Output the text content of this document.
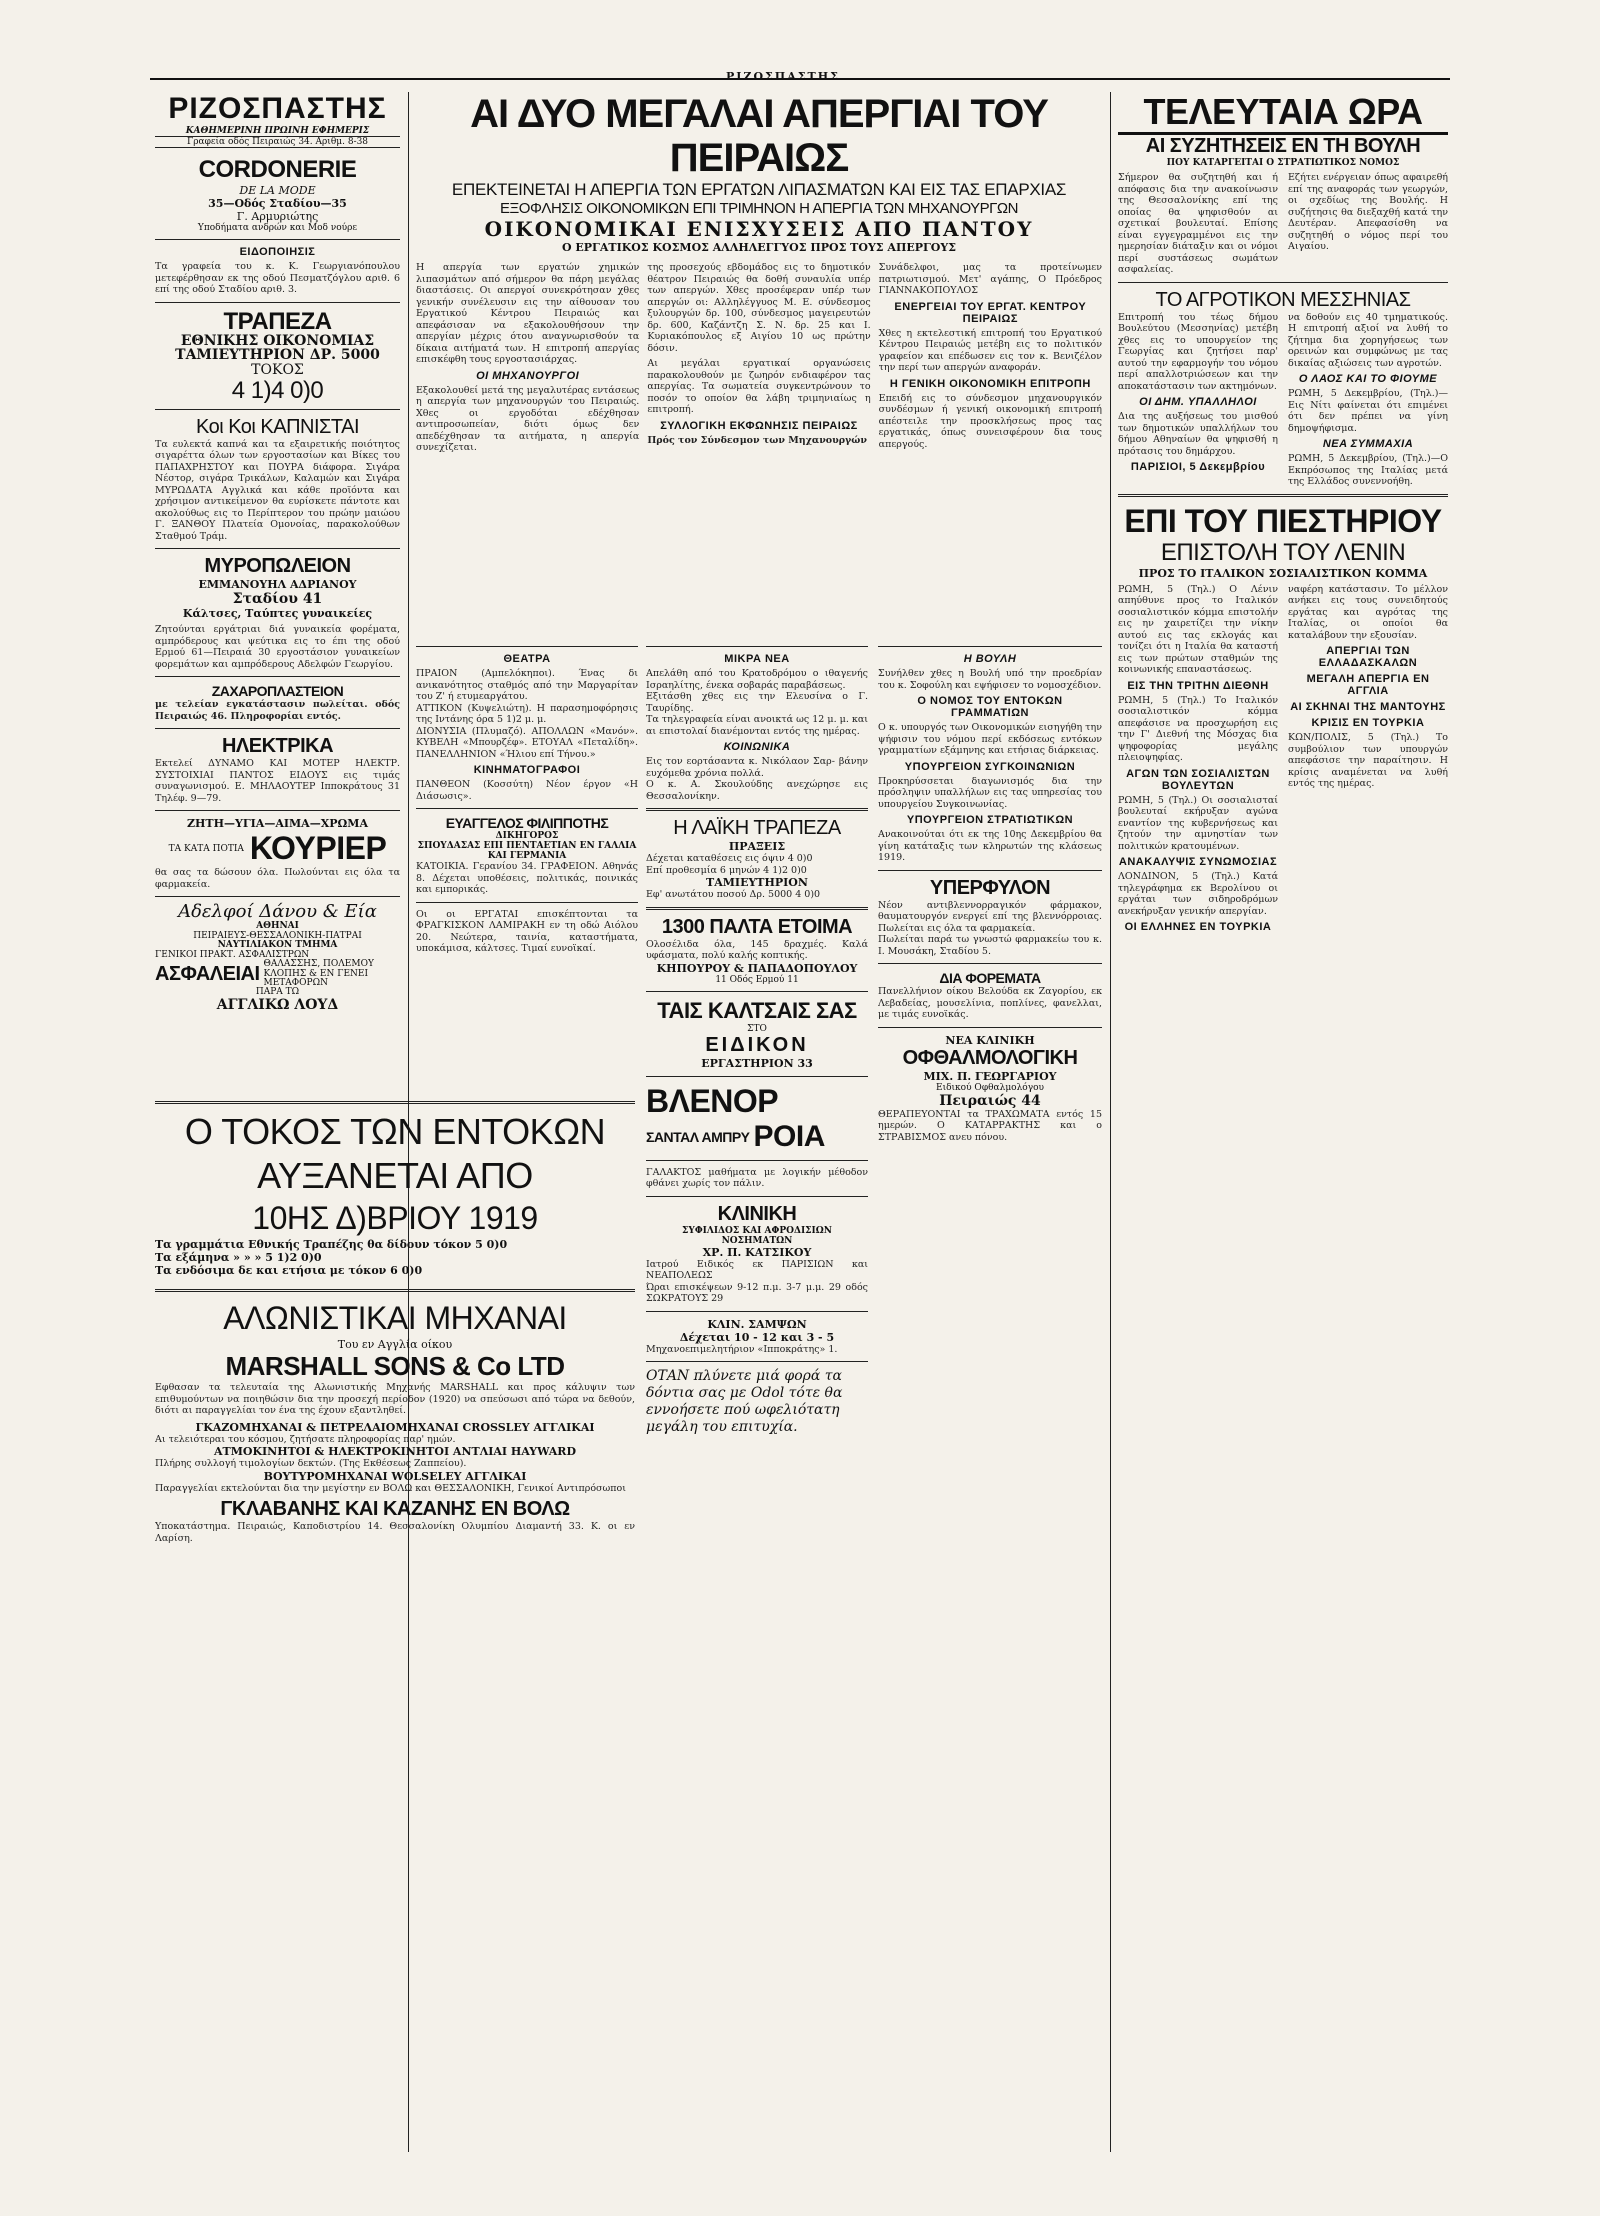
ΡΙΖΟΣΠΑΣΤΗΣ
ΡΙΖΟΣΠΑΣΤΗΣ
ΚΑΘΗΜΕΡΙΝΗ ΠΡΩΙΝΗ ΕΦΗΜΕΡΙΣ
Γραφεία οδός Πειραιώς 34. Αριθμ. 8-38
CORDONERIE
DE LA MODE
35—Οδός Σταδίου—35
Γ. Αρμυριώτης
Υποδήματα ανδρών και Μοδ νούρε
ΕΙΔΟΠΟΙΗΣΙΣ
Τα γραφεία του κ. Κ. Γεωργιανόπουλου μετεφέρθησαν εκ της οδού Πεσματζόγλου αριθ. 6 επί της οδού Σταδίου αριθ. 3.
ΤΡΑΠΕΖΑ
ΕΘΝΙΚΗΣ ΟΙΚΟΝΟΜΙΑΣ
ΤΑΜΙΕΥΤΗΡΙΟΝ ΔΡ. 5000
ΤΟΚΟΣ
4 1)4 0)0
Κοι Κοι ΚΑΠΝΙΣΤΑΙ
Τα ευλεκτά καπνά και τα εξαιρετικής ποιότητος σιγαρέττα όλων των εργοστασίων και Βίκες του ΠΑΠΑΧΡΗΣΤΟΥ και ΠΟΥΡΑ διάφορα. Σιγάρα Νέστορ, σιγάρα Τρικάλων, Καλαμών και Σιγάρα ΜΥΡΩΔΑΤΑ Αγγλικά και κάθε προϊόντα και χρήσιμον αντικείμενον θα ευρίσκετε πάντοτε και ακολούθως εις το Περίπτερον του πρώην μαιώου Γ. ΞΑΝΘΟΥ Πλατεία Ομονοίας, παρακολούθων Σταθμού Τράμ.
ΜΥΡΟΠΩΛΕΙΟΝ
ΕΜΜΑΝΟΥΗΛ ΑΔΡΙΑΝΟΥ
Σταδίου 41
Κάλτσες, Ταύπτες γυναικείες
Ζητούνται εργάτριαι διά γυναικεία φορέματα, αμπρόδερους και ψεύτικα εις το έπι της οδού Ερμού 61—Πειραιά 30 εργοστάσιον γυναικείων φορεμάτων και αμπρόδερους Αδελφών Γεωργίου.
ΖΑΧΑΡΟΠΛΑΣΤΕΙΟΝ
με τελείαν εγκατάστασιν πωλείται. οδός Πειραιώς 46. Πληροφορίαι εντός.
ΗΛΕΚΤΡΙΚΑ
Εκτελεί ΔΥΝΑΜΟ ΚΑΙ ΜΟΤΕΡ ΗΛΕΚΤΡ. ΣΥΣΤΟΙΧΙΑΙ ΠΑΝΤΟΣ ΕΙΔΟΥΣ εις τιμάς συναγωνισμού. Ε. ΜΗΛΑΟΥΤΕΡ Ιπποκράτους 31 Τηλέφ. 9—79.
ΖΗΤΗ—ΥΓΙΑ—ΑΙΜΑ—ΧΡΩΜΑ
ΤΑ ΚΑΤΑ ΠΟΤΙΑ ΚΟΥΡΙΕΡ
θα σας τα δώσουν όλα. Πωλούνται εις όλα τα φαρμακεία.
Αδελφοί Δάνου & Εία
ΑΘΗΝΑΙ
ΠΕΙΡΑΙΕΥΣ-ΘΕΣΣΑΛΟΝΙΚΗ-ΠΑΤΡΑΙ
ΝΑΥΤΙΛΙΑΚΟΝ ΤΜΗΜΑ
ΓΕΝΙΚΟΙ ΠΡΑΚΤ. ΑΣΦΑΛΙΣΤΡΩΝ
ΑΣΦΑΛΕΙΑΙ ΘΑΛΑΣΣΗΣ, ΠΟΛΕΜΟΥ ΚΛΟΠΗΣ & ΕΝ ΓΕΝΕΙ ΜΕΤΑΦΟΡΩΝ
ΠΑΡΑ ΤΩ
ΑΓΓΛΙΚΩ ΛΟΥΔ
ΑΙ ΔΥΟ ΜΕΓΑΛΑΙ ΑΠΕΡΓΙΑΙ ΤΟΥ ΠΕΙΡΑΙΩΣ
ΕΠΕΚΤΕΙΝΕΤΑΙ Η ΑΠΕΡΓΙΑ ΤΩΝ ΕΡΓΑΤΩΝ ΛΙΠΑΣΜΑΤΩΝ ΚΑΙ ΕΙΣ ΤΑΣ ΕΠΑΡΧΙΑΣ
ΕΞΟΦΛΗΣΙΣ ΟΙΚΟΝΟΜΙΚΩΝ ΕΠΙ ΤΡΙΜΗΝΟΝ Η ΑΠΕΡΓΙΑ ΤΩΝ ΜΗΧΑΝΟΥΡΓΩΝ
ΟΙΚΟΝΟΜΙΚΑΙ ΕΝΙΣΧΥΣΕΙΣ ΑΠΟ ΠΑΝΤΟΥ
Ο ΕΡΓΑΤΙΚΟΣ ΚΟΣΜΟΣ ΑΛΛΗΛΕΓΓΥΟΣ ΠΡΟΣ ΤΟΥΣ ΑΠΕΡΓΟΥΣ
Η απεργία των εργατών χημικών λιπασμάτων από σήμερον θα πάρη μεγάλας διαστάσεις. Οι απεργοί συνεκρότησαν χθες γενικήν συνέλευσιν εις την αίθουσαν του Εργατικού Κέντρου Πειραιώς και απεφάσισαν να εξακολουθήσουν την απεργίαν μέχρις ότου αναγνωρισθούν τα δίκαια αιτήματά των. Η επιτροπή απεργίας επισκέφθη τους εργοστασιάρχας.
ΟΙ ΜΗΧΑΝΟΥΡΓΟΙ
Εξακολουθεί μετά της μεγαλυτέρας εντάσεως η απεργία των μηχανουργών του Πειραιώς. Χθες οι εργοδόται εδέχθησαν αντιπροσωπείαν, διότι όμως δεν απεδέχθησαν τα αιτήματα, η απεργία συνεχίζεται.
της προσεχούς εβδομάδος εις το δημοτικόν θέατρον Πειραιώς θα δοθή συναυλία υπέρ των απεργών. Χθες προσέφεραν υπέρ των απεργών οι: Αλληλέγγυος Μ. Ε. σύνδεσμος ξυλουργών δρ. 100, σύνδεσμος μαγειρευτών δρ. 600, Καζάντζη Σ. Ν. δρ. 25 και Ι. Κυριακόπουλος εξ Αιγίου 10 ως πρώτην δόσιν.
Αι μεγάλαι εργατικαί οργανώσεις παρακολουθούν με ζωηρόν ενδιαφέρον τας απεργίας. Τα σωματεία συγκεντρώνουν το ποσόν το οποίον θα λάβη τριμηνιαίως η επιτροπή.
ΣΥΛΛΟΓΙΚΗ ΕΚΦΩΝΗΣΙΣ ΠΕΙΡΑΙΩΣ
Πρός τον Σύνδεσμον των Μηχανουργών
Συνάδελφοι, μας τα προτείνωμεν πατριωτισμού. Μετ' αγάπης, Ο Πρόεδρος ΓΙΑΝΝΑΚΟΠΟΥΛΟΣ
ΕΝΕΡΓΕΙΑΙ ΤΟΥ ΕΡΓΑΤ. ΚΕΝΤΡΟΥ ΠΕΙΡΑΙΩΣ
Χθες η εκτελεστική επιτροπή του Εργατικού Κέντρου Πειραιώς μετέβη εις το πολιτικόν γραφείον και επέδωσεν εις τον κ. Βενιζέλον την περί των απεργών αναφοράν.
Η ΓΕΝΙΚΗ ΟΙΚΟΝΟΜΙΚΗ ΕΠΙΤΡΟΠΗ
Επειδή εις το σύνδεσμον μηχανουργικόν συνδέσμων ή γενική οικονομική επιτροπή απέστειλε την προσκλήσεως προς τας εργατικάς, όπως συνεισφέρουν δια τους απεργούς.
ΘΕΑΤΡΑ
ΠΡΑΙΟΝ (Αμπελόκηποι). Ένας δι ανικανότητος σταθμός από την Μαργαρίταν του Ζ' ή ετυμεαργάτου.
ΑΤΤΙΚΟΝ (Κυψελιώτη). Η παρασημοφόρησις της Ιντάνης όρα 5 1)2 μ. μ.
ΔΙΟΝΥΣΙΑ (Πλυμαζό). ΑΠΟΛΛΩΝ «Μανόν». ΚΥΒΕΛΗ «Μπουρζέφ». ΕΤΟΥΑΛ «Πεταλίδη». ΠΑΝΕΛΛΗΝΙΟΝ «Ήλιου επί Τήνου.»
ΚΙΝΗΜΑΤΟΓΡΑΦΟΙ
ΠΑΝΘΕΟΝ (Κοσσύτη) Νέον έργον «Η Διάσωσις».
ΕΥΑΓΓΕΛΟΣ ΦΙΛΙΠΠΟΤΗΣ
ΔΙΚΗΓΟΡΟΣ
ΣΠΟΥΔΑΣΑΣ ΕΠΙ ΠΕΝΤΑΕΤΙΑΝ ΕΝ ΓΑΛΛΙΑ ΚΑΙ ΓΕΡΜΑΝΙΑ
ΚΑΤΟΙΚΙΑ. Γερανίου 34. ΓΡΑΦΕΙΟΝ. Αθηνάς 8. Δέχεται υποθέσεις, πολιτικάς, ποινικάς και εμπορικάς.
Οι οι ΕΡΓΑΤΑΙ επισκέπτονται τα ΦΡΑΓΚΙΣΚΟΝ ΛΑΜΙΡΑΚΗ εν τη οδώ Αιόλου 20. Νεώτερα, ταινία, καταστήματα, υποκάμισα, κάλτσες. Τιμαί ευνοϊκαί.
ΜΙΚΡΑ ΝΕΑ
Απελάθη από του Κρατοδρόμου ο ιθαγενής Ισραηλίτης, ένεκα σοβαράς παραβάσεως.
Εξιτάσθη χθες εις την Ελευσίνα ο Γ. Ταυρίδης.
Τα τηλεγραφεία είναι ανοικτά ως 12 μ. μ. και αι επιστολαί διανέμονται εντός της ημέρας.
ΚΟΙΝΩΝΙΚΑ
Εις τον εορτάσαντα κ. Νικόλαον Σαρ- βάνην ευχόμεθα χρόνια πολλά.
Ο κ. Α. Σκουλούδης ανεχώρησε εις Θεσσαλονίκην.
Η ΛΑΪΚΗ ΤΡΑΠΕΖΑ
ΠΡΑΞΕΙΣ
Δέχεται καταθέσεις εις όψιν 4 0)0
Επί προθεσμία 6 μηνών 4 1)2 0)0
ΤΑΜΙΕΥΤΗΡΙΟΝ
Εφ' ανωτάτου ποσού Δρ. 5000 4 0)0
1300 ΠΑΛΤΑ ΕΤΟΙΜΑ
Ολοσέλιδα όλα, 145 δραχμές. Καλά υφάσματα, πολύ καλής κοπτικής.
ΚΗΠΟΥΡΟΥ & ΠΑΠΑΔΟΠΟΥΛΟΥ
11 Οδός Ερμού 11
ΤΑΙΣ ΚΑΛΤΣΑΙΣ ΣΑΣ
ΣΤΟ
ΕΙΔΙΚΟΝ
ΕΡΓΑΣΤΗΡΙΟΝ 33
ΒΛΕΝΟΡ
ΣΑΝΤΑΛ ΑΜΠΡΥ ΡΟΙΑ
ΓΑΛΑΚΤΟΣ μαθήματα με λογικήν μέθοδον φθάνει χωρίς τον πάλιν.
ΚΛΙΝΙΚΗ
ΣΥΦΙΛΙΔΟΣ ΚΑΙ ΑΦΡΟΔΙΣΙΩΝ ΝΟΣΗΜΑΤΩΝ
ΧΡ. Π. ΚΑΤΣΙΚΟΥ
Ιατρού Ειδικός εκ ΠΑΡΙΣΙΩΝ και ΝΕΑΠΟΛΕΩΣ
Ώραι επισκέψεων 9-12 π.μ. 3-7 μ.μ. 29 οδός ΣΩΚΡΑΤΟΥΣ 29
ΚΛΙΝ. ΣΑΜΨΩΝ
Δέχεται 10 - 12 και 3 - 5
Μηχανοεπιμελητήριον «Ιπποκράτης» 1.
ΟΤΑΝ πλύνετε μιά φορά τα δόντια σας με Odol τότε θα εννοήσετε πού ωφελιότατη μεγάλη του επιτυχία.
Η ΒΟΥΛΗ
Συνήλθεν χθες η Βουλή υπό την προεδρίαν του κ. Σοφούλη και εψήφισεν το νομοσχέδιον.
Ο ΝΟΜΟΣ ΤΟΥ ΕΝΤΟΚΩΝ ΓΡΑΜΜΑΤΙΩΝ
Ο κ. υπουργός των Οικονομικών εισηγήθη την ψήφισιν του νόμου περί εκδόσεως εντόκων γραμματίων εξάμηνης και ετήσιας διάρκειας.
ΥΠΟΥΡΓΕΙΟΝ ΣΥΓΚΟΙΝΩΝΙΩΝ
Προκηρύσσεται διαγωνισμός δια την πρόσληψιν υπαλλήλων εις τας υπηρεσίας του υπουργείου Συγκοινωνίας.
ΥΠΟΥΡΓΕΙΟΝ ΣΤΡΑΤΙΩΤΙΚΩΝ
Ανακοινούται ότι εκ της 10ης Δεκεμβρίου θα γίνη κατάταξις των κληρωτών της κλάσεως 1919.
ΥΠΕΡΦΥΛΟΝ
Νέον αντιβλεννορραγικόν φάρμακον, θαυματουργόν ενεργεί επί της βλεννόρροιας. Πωλείται εις όλα τα φαρμακεία.
Πωλείται παρά τω γνωστώ φαρμακείω του κ. Ι. Μουσάκη, Σταδίου 5.
ΔΙΑ ΦΟΡΕΜΑΤΑ
Πανελλήνιον οίκου Βελούδα εκ Ζαγορίου, εκ Λεβαδείας, μουσελίνια, ποπλίνες, φανελλαι, με τιμάς ευνοϊκάς.
ΝΕΑ ΚΛΙΝΙΚΗ
ΟΦΘΑΛΜΟΛΟΓΙΚΗ
ΜΙΧ. Π. ΓΕΩΡΓΑΡΙΟΥ
Ειδικού Οφθαλμολόγου
Πειραιώς 44
ΘΕΡΑΠΕΥΟΝΤΑΙ τα ΤΡΑΧΩΜΑΤΑ εντός 15 ημερών. Ο ΚΑΤΑΡΡΑΚΤΗΣ και ο ΣΤΡΑΒΙΣΜΟΣ ανευ πόνου.
Ο ΤΟΚΟΣ ΤΩΝ ΕΝΤΟΚΩΝ
ΑΥΞΑΝΕΤΑΙ ΑΠΟ
10ΗΣ Δ)ΒΡΙΟΥ 1919
Τα γραμμάτια Εθνικής Τραπέζης θα δίδουν τόκον 5 0)0
Τα εξάμηνα » » » 5 1)2 0)0
Τα ενδόσιμα δε και ετήσια με τόκον 6 0)0
ΑΛΩΝΙΣΤΙΚΑΙ ΜΗΧΑΝΑΙ
Του εν Αγγλία οίκου
MARSHALL SONS & Co LTD
Εφθασαν τα τελευταία της Αλωνιστικής Μηχανής MARSHALL και προς κάλυψιν των επιθυμούντων να ποιηθώσιν δια την προσεχή περίοδον (1920) να σπεύσωσι από τώρα να δεθούν, διότι αι παραγγελίαι τον ένα της έχουν εξαντληθεί.
ΓΚΑΖΟΜΗΧΑΝΑΙ & ΠΕΤΡΕΛΑΙΟΜΗΧΑΝΑΙ CROSSLEY ΑΓΓΛΙΚΑΙ
Αι τελειότεραι του κόσμου, ζητήσατε πληροφορίας παρ' ημών.
ΑΤΜΟΚΙΝΗΤΟΙ & ΗΛΕΚΤΡΟΚΙΝΗΤΟΙ ΑΝΤΛΙΑΙ HAYWARD
Πλήρης συλλογή τιμολογίων δεκτών. (Της Εκθέσεως Ζαππείου).
ΒΟΥΤΥΡΟΜΗΧΑΝΑΙ WOLSELEY ΑΓΓΛΙΚΑΙ
Παραγγελίαι εκτελούνται δια την μεγίστην εν ΒΟΛΩ και ΘΕΣΣΑΛΟΝΙΚΗ, Γενικοί Αντιπρόσωποι
ΓΚΛΑΒΑΝΗΣ ΚΑΙ ΚΑΖΑΝΗΣ ΕΝ ΒΟΛΩ
Υποκατάστημα. Πειραιώς, Καποδιστρίου 14. Θεσσαλονίκη Ολυμπίου Διαμαντή 33. Κ. οι εν Λαρίση.
ΤΕΛΕΥΤΑΙΑ ΩΡΑ
ΑΙ ΣΥΖΗΤΗΣΕΙΣ ΕΝ ΤΗ ΒΟΥΛΗ
ΠΟΥ ΚΑΤΑΡΓΕΙΤΑΙ Ο ΣΤΡΑΤΙΩΤΙΚΟΣ ΝΟΜΟΣ
Σήμερον θα συζητηθή και ή απόφασις δια την ανακοίνωσιν της Θεσσαλονίκης επί της οποίας θα ψηφισθούν αι σχετικαί βουλευταί. Επίσης είναι εγγεγραμμένοι εις την ημερησίαν διάταξιν και οι νόμοι περί συστάσεως σωμάτων ασφαλείας.
Εζήτει ενέργειαν όπως αφαιρεθή επί της αναφοράς των γεωργών, οι σχεδίως της Βουλής. Η συζήτησις θα διεξαχθή κατά την Δευτέραν. Απεφασίσθη να συζητηθή ο νόμος περί του Αιγαίου.
ΤΟ ΑΓΡΟΤΙΚΟΝ ΜΕΣΣΗΝΙΑΣ
Επιτροπή του τέως δήμου Βουλεύτου (Μεσσηνίας) μετέβη χθες εις το υπουργείον της Γεωργίας και ζητήσει παρ' αυτού την εφαρμογήν του νόμου περί απαλλοτριώσεων και την αποκατάστασιν των ακτημόνων.
ΟΙ ΔΗΜ. ΥΠΑΛΛΗΛΟΙ
Δια της αυξήσεως του μισθού των δημοτικών υπαλλήλων του δήμου Αθηναίων θα ψηφισθή η πρότασις του δημάρχου.
ΠΑΡΙΣΙΟΙ, 5 Δεκεμβρίου
να δοθούν εις 40 τμηματικούς. Η επιτροπή αξιοί να λυθή το ζήτημα δια χορηγήσεως των ορεινών και συμφώνως με τας δικαίας αξιώσεις των αγροτών.
Ο ΛΑΟΣ ΚΑΙ ΤΟ ΦΙΟΥΜΕ
ΡΩΜΗ, 5 Δεκεμβρίου, (Τηλ.)—Εις Νίτι φαίνεται ότι επιμένει ότι δεν πρέπει να γίνη δημοψήφισμα.
ΝΕΑ ΣΥΜΜΑΧΙΑ
ΡΩΜΗ, 5 Δεκεμβρίου, (Τηλ.)—Ο Εκπρόσωπος της Ιταλίας μετά της Ελλάδος συνεννοήθη.
ΕΠΙ ΤΟΥ ΠΙΕΣΤΗΡΙΟΥ
ΕΠΙΣΤΟΛΗ ΤΟΥ ΛΕΝΙΝ
ΠΡΟΣ ΤΟ ΙΤΑΛΙΚΟΝ ΣΟΣΙΑΛΙΣΤΙΚΟΝ ΚΟΜΜΑ
ΡΩΜΗ, 5 (Τηλ.) Ο Λένιν απηύθυνε προς το Ιταλικόν σοσιαλιστικόν κόμμα επιστολήν εις ην χαιρετίζει την νίκην αυτού εις τας εκλογάς και τονίζει ότι η Ιταλία θα καταστή εις των πρώτων σταθμών της κοινωνικής επαναστάσεως.
ΕΙΣ ΤΗΝ ΤΡΙΤΗΝ ΔΙΕΘΝΗ
ΡΩΜΗ, 5 (Τηλ.) Το Ιταλικόν σοσιαλιστικόν κόμμα απεφάσισε να προσχωρήση εις την Γ' Διεθνή της Μόσχας δια ψηφοφορίας μεγάλης πλειοψηφίας.
ΑΓΩΝ ΤΩΝ ΣΟΣΙΑΛΙΣΤΩΝ ΒΟΥΛΕΥΤΩΝ
ΡΩΜΗ, 5 (Τηλ.) Οι σοσιαλισταί βουλευταί εκήρυξαν αγώνα εναντίον της κυβερνήσεως και ζητούν την αμνηστίαν των πολιτικών κρατουμένων.
ΑΝΑΚΑΛΥΨΙΣ ΣΥΝΩΜΟΣΙΑΣ
ΛΟΝΔΙΝΟΝ, 5 (Τηλ.) Κατά τηλεγράφημα εκ Βερολίνου οι εργάται των σιδηροδρόμων ανεκήρυξαν γενικήν απεργίαν.
ΟΙ ΕΛΛΗΝΕΣ ΕΝ ΤΟΥΡΚΙΑ
ναφέρη κατάστασιν. Το μέλλον ανήκει εις τους συνειδητούς εργάτας και αγρότας της Ιταλίας, οι οποίοι θα καταλάβουν την εξουσίαν.
ΑΠΕΡΓΙΑΙ ΤΩΝ ΕΛΛΑΔΑΣΚΑΛΩΝ
ΜΕΓΑΛΗ ΑΠΕΡΓΙΑ ΕΝ ΑΓΓΛΙΑ
ΑΙ ΣΚΗΝΑΙ ΤΗΣ ΜΑΝΤΟΥΗΣ
ΚΡΙΣΙΣ ΕΝ ΤΟΥΡΚΙΑ
ΚΩΝ/ΠΟΛΙΣ, 5 (Τηλ.) Το συμβούλιον των υπουργών απεφάσισε την παραίτησιν. Η κρίσις αναμένεται να λυθή εντός της ημέρας.
